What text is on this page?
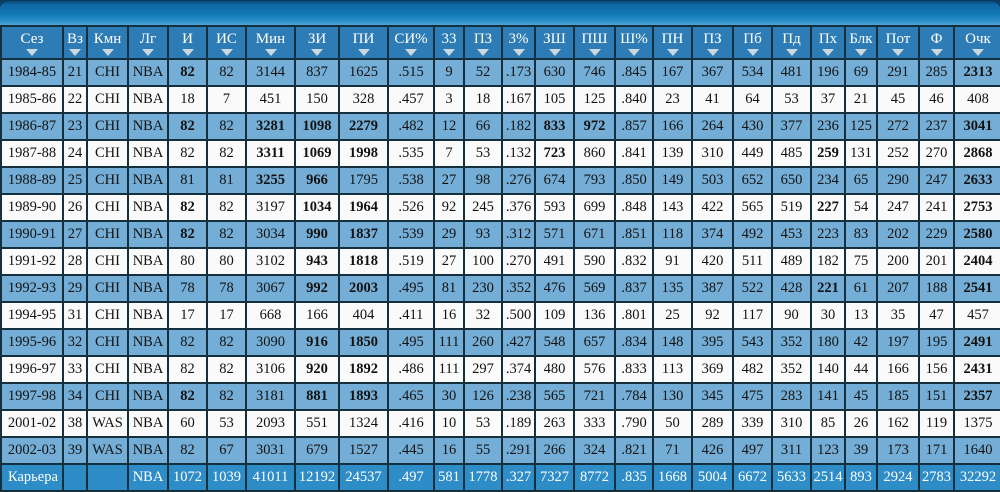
Сез	Вз	Кмн	Лг	И	ИС	Мин	ЗИ	ПИ	СИ%	33	ПЗ	3%	ЗШ	ПШ	Ш%	ПН	ПЗ	Пб	Пд	Пх	Блк	Пот	Ф	Очк

1984-85	21	CHI	NBA	82	82	3144	837	1625	.515	9	52	.173	630	746	.845	167	367	534	481	196	69	291	285	2313
1985-86	22	CHI	NBA	18	7	451	150	328	.457	3	18	.167	105	125	.840	23	41	64	53	37	21	45	46	408
1986-87	23	CHI	NBA	82	82	3281	1098	2279	.482	12	66	.182	833	972	.857	166	264	430	377	236	125	272	237	3041
1987-88	24	CHI	NBA	82	82	3311	1069	1998	.535	7	53	.132	723	860	.841	139	310	449	485	259	131	252	270	2868
1988-89	25	CHI	NBA	81	81	3255	966	1795	.538	27	98	.276	674	793	.850	149	503	652	650	234	65	290	247	2633
1989-90	26	CHI	NBA	82	82	3197	1034	1964	.526	92	245	.376	593	699	.848	143	422	565	519	227	54	247	241	2753
1990-91	27	CHI	NBA	82	82	3034	990	1837	.539	29	93	.312	571	671	.851	118	374	492	453	223	83	202	229	2580
1991-92	28	CHI	NBA	80	80	3102	943	1818	.519	27	100	.270	491	590	.832	91	420	511	489	182	75	200	201	2404
1992-93	29	CHI	NBA	78	78	3067	992	2003	.495	81	230	.352	476	569	.837	135	387	522	428	221	61	207	188	2541
1994-95	31	CHI	NBA	17	17	668	166	404	.411	16	32	.500	109	136	.801	25	92	117	90	30	13	35	47	457
1995-96	32	CHI	NBA	82	82	3090	916	1850	.495	111	260	.427	548	657	.834	148	395	543	352	180	42	197	195	2491
1996-97	33	CHI	NBA	82	82	3106	920	1892	.486	111	297	.374	480	576	.833	113	369	482	352	140	44	166	156	2431
1997-98	34	CHI	NBA	82	82	3181	881	1893	.465	30	126	.238	565	721	.784	130	345	475	283	141	45	185	151	2357
2001-02	38	WAS	NBA	60	53	2093	551	1324	.416	10	53	.189	263	333	.790	50	289	339	310	85	26	162	119	1375
2002-03	39	WAS	NBA	82	67	3031	679	1527	.445	16	55	.291	266	324	.821	71	426	497	311	123	39	173	171	1640
Карьера			NBA	1072	1039	41011	12192	24537	.497	581	1778	.327	7327	8772	.835	1668	5004	6672	5633	2514	893	2924	2783	32292
